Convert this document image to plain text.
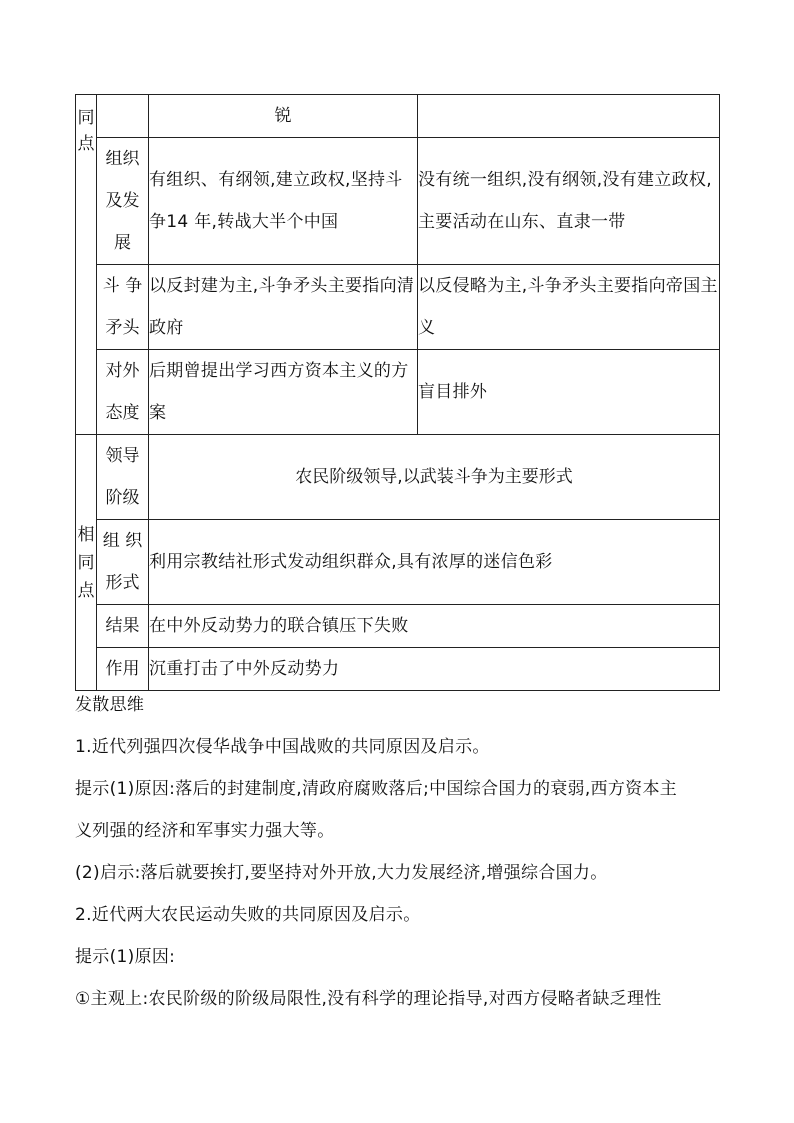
同点		锐	

	组织及发展	有组织、有纲领,建立政权,坚持斗争14 年,转战大半个中国	没有统一组织,没有纲领,没有建立政权,主要活动在山东、直隶一带

	斗 争矛头	以反封建为主,斗争矛头主要指向清政府	以反侵略为主,斗争矛头主要指向帝国主义

	对外态度	后期曾提出学习西方资本主义的方案	盲目排外

相同点	领导阶级	农民阶级领导,以武装斗争为主要形式	

	组 织形式	利用宗教结社形式发动组织群众,具有浓厚的迷信色彩	
	结果	在中外反动势力的联合镇压下失败	
	作用	沉重打击了中外反动势力	
发散思维
1.近代列强四次侵华战争中国战败的共同原因及启示。
提示(1)原因:落后的封建制度,清政府腐败落后;中国综合国力的衰弱,西方资本主
义列强的经济和军事实力强大等。
(2)启示:落后就要挨打,要坚持对外开放,大力发展经济,增强综合国力。
2.近代两大农民运动失败的共同原因及启示。
提示(1)原因:
①主观上:农民阶级的阶级局限性,没有科学的理论指导,对西方侵略者缺乏理性
